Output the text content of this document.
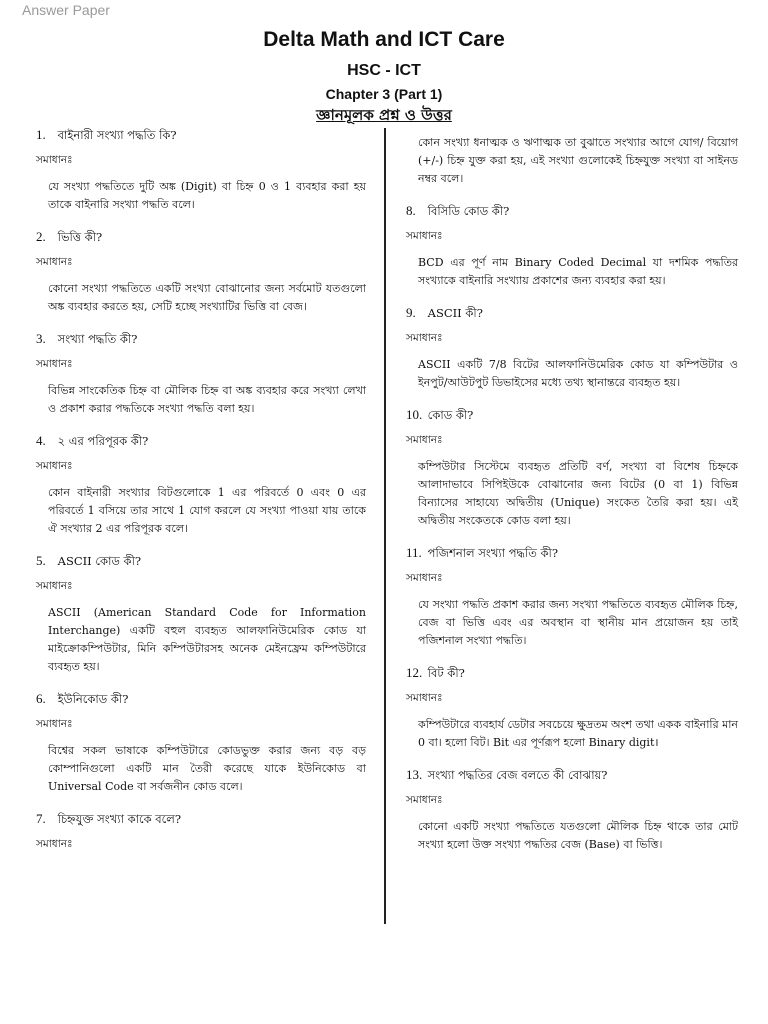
Answer Paper
Delta Math and ICT Care
HSC - ICT
Chapter 3 (Part 1)
জ্ঞানমূলক প্রশ্ন ও উত্তর
1. বাইনারী সংখ্যা পদ্ধতি কি?
সমাধানঃ
যে সংখ্যা পদ্ধতিতে দুটি অঙ্ক (Digit) বা চিহ্ন 0 ও 1 ব্যবহার করা হয় তাকে বাইনারি সংখ্যা পদ্ধতি বলে।
2. ভিত্তি কী?
সমাধানঃ
কোনো সংখ্যা পদ্ধতিতে একটি সংখ্যা বোঝানোর জন্য সর্বমোট যতগুলো অঙ্ক ব্যবহার করতে হয়, সেটি হচ্ছে সংখ্যাটির ভিত্তি বা বেজ।
3. সংখ্যা পদ্ধতি কী?
সমাধানঃ
বিভিন্ন সাংকেতিক চিহ্ন বা মৌলিক চিহ্ন বা অঙ্ক ব্যবহার করে সংখ্যা লেখা ও প্রকাশ করার পদ্ধতিকে সংখ্যা পদ্ধতি বলা হয়।
4. ২ এর পরিপূরক কী?
সমাধানঃ
কোন বাইনারী সংখ্যার বিটগুলোকে 1 এর পরিবর্তে 0 এবং 0 এর পরিবর্তে 1 বসিয়ে তার সাথে 1 যোগ করলে যে সংখ্যা পাওয়া যায় তাকে ঐ সংখ্যার 2 এর পরিপূরক বলে।
5. ASCII কোড কী?
সমাধানঃ
ASCII (American Standard Code for Information Interchange) একটি বহুল ব্যবহৃত আলফানিউমেরিক কোড যা মাইক্রোকম্পিউটার, মিনি কম্পিউটারসহ অনেক মেইনফ্রেম কম্পিউটারে ব্যবহৃত হয়।
6. ইউনিকোড কী?
সমাধানঃ
বিশ্বের সকল ভাষাকে কম্পিউটারে কোডভুক্ত করার জন্য বড় বড় কোম্পানিগুলো একটি মান তৈরী করেছে যাকে ইউনিকোড বা Universal Code বা সর্বজনীন কোড বলে।
7. চিহ্নযুক্ত সংখ্যা কাকে বলে?
সমাধানঃ
কোন সংখ্যা ধনাত্মক ও ঋণাত্মক তা বুঝাতে সংখ্যার আগে যোগ/ বিয়োগ (+/-) চিহ্ন যুক্ত করা হয়, এই সংখ্যা গুলোকেই চিহ্নযুক্ত সংখ্যা বা সাইনড নম্বর বলে।
8. বিসিডি কোড কী?
সমাধানঃ
BCD এর পূর্ণ নাম Binary Coded Decimal যা দশমিক পদ্ধতির সংখ্যাকে বাইনারি সংখ্যায় প্রকাশের জন্য ব্যবহার করা হয়।
9. ASCII কী?
সমাধানঃ
ASCII একটি 7/8 বিটের আলফানিউমেরিক কোড যা কম্পিউটার ও ইনপুট/আউটপুট ডিভাইসের মধ্যে তথ্য স্থানান্তরে ব্যবহৃত হয়।
10. কোড কী?
সমাধানঃ
কম্পিউটার সিস্টেমে ব্যবহৃত প্রতিটি বর্ণ, সংখ্যা বা বিশেষ চিহ্নকে আলাদাভাবে সিপিইউকে বোঝানোর জন্য বিটের (0 বা 1) বিভিন্ন বিন্যাসের সাহায্যে অদ্বিতীয় (Unique) সংকেত তৈরি করা হয়। এই অদ্বিতীয় সংকেতকে কোড বলা হয়।
11. পজিশনাল সংখ্যা পদ্ধতি কী?
সমাধানঃ
যে সংখ্যা পদ্ধতি প্রকাশ করার জন্য সংখ্যা পদ্ধতিতে ব্যবহৃত মৌলিক চিহ্ন, বেজ বা ভিত্তি এবং এর অবস্থান বা স্থানীয় মান প্রয়োজন হয় তাই পজিশনাল সংখ্যা পদ্ধতি।
12. বিট কী?
সমাধানঃ
কম্পিউটারে ব্যবহার্য ডেটার সবচেয়ে ক্ষুদ্রতম অংশ তথা একক বাইনারি মান 0 বা। হলো বিট। Bit এর পূর্ণরূপ হলো Binary digit।
13. সংখ্যা পদ্ধতির বেজ বলতে কী বোঝায়?
সমাধানঃ
কোনো একটি সংখ্যা পদ্ধতিতে যতগুলো মৌলিক চিহ্ন থাকে তার মোট সংখ্যা হলো উক্ত সংখ্যা পদ্ধতির বেজ (Base) বা ভিত্তি।
